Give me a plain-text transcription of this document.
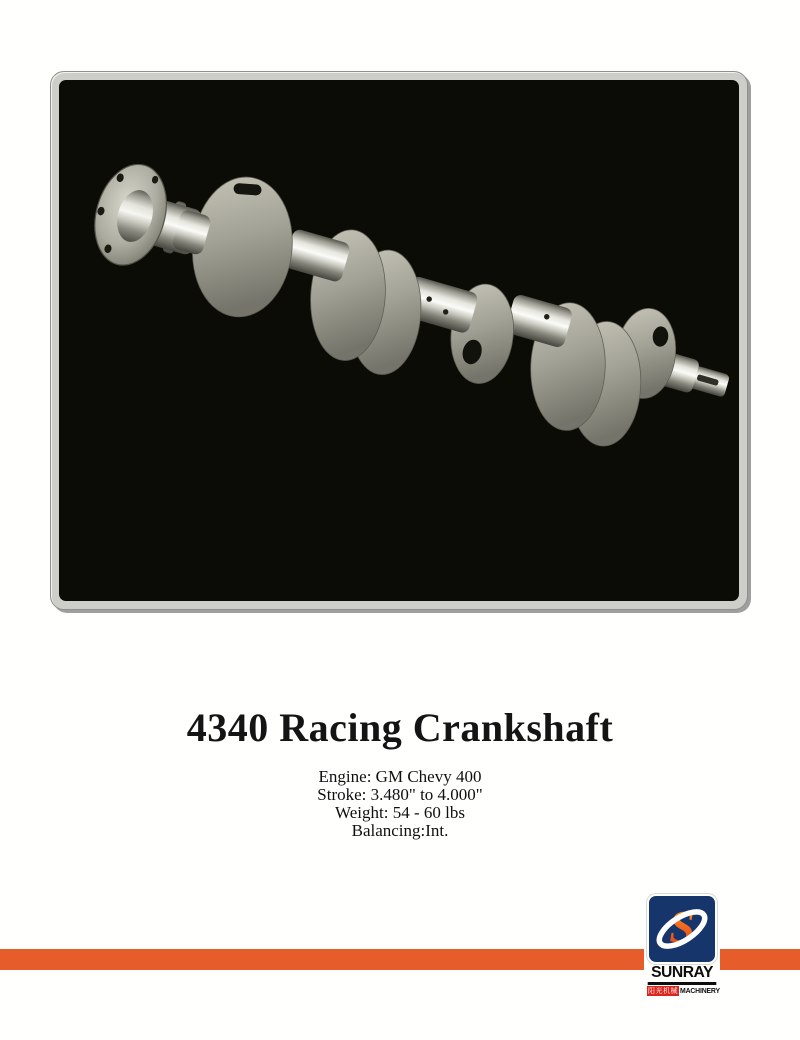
4340 Racing Crankshaft
Engine: GM Chevy 400
Stroke: 3.480" to 4.000"
Weight: 54 - 60 lbs
Balancing:Int.
S
SUNRAY
阳光机械 MACHINERY
